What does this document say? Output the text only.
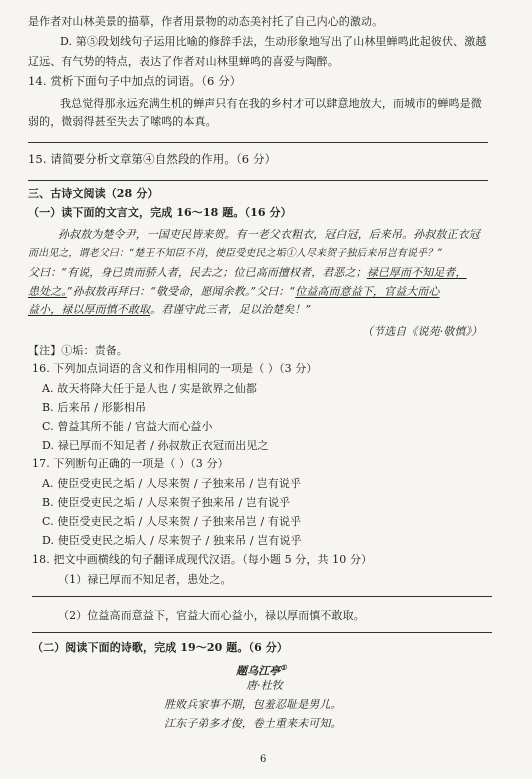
是作者对山林美景的描摹，作者用景物的动态美衬托了自己内心的激动。
D. 第⑤段划线句子运用比喻的修辞手法，生动形象地写出了山林里蝉鸣此起彼伏、激越
辽远、有气势的特点，表达了作者对山林里蝉鸣的喜爱与陶醉。
14. 赏析下面句子中加点的词语。（6 分）
我总觉得那永远充满生机的蝉声只有在我的乡村才可以肆意地放大，而城市的蝉鸣是微
弱的，微弱得甚至失去了嗦鸣的本真。
15. 请简要分析文章第④自然段的作用。（6 分）
三、古诗文阅读（28 分）
（一）读下面的文言文，完成 16～18 题。（16 分）
孙叔敖为楚令尹，一国吏民皆来贺。有一老父衣粗衣，冠白冠，后来吊。孙叔敖正衣冠
而出见之，谓老父曰：“楚王不知臣不肖，使臣受吏民之垢①人尽来贺子独后来吊岂有说乎？”
父曰：“有说，身已贵而骄人者，民去之；位已高而擅权者，君恶之；禄已厚而不知足者，
患处之。”孙叔敖再拜曰：“敬受命，愿闻余教。”父曰：“位益高而意益下，官益大而心
益小，禄以厚而慎不敢取。君谨守此三者，足以治楚矣！”
（节选自《说苑·敬慎》）
【注】①垢：责备。
16. 下列加点词语的含义和作用相同的一项是（ ）（3 分）
A. 故天将降大任于是人也 / 实是欲界之仙都
B. 后来吊 / 形影相吊
C. 曾益其所不能 / 官益大而心益小
D. 禄已厚而不知足者 / 孙叔敖正衣冠而出见之
17. 下列断句正确的一项是（ ）（3 分）
A. 使臣受吏民之垢 / 人尽来贺 / 子独来吊 / 岂有说乎
B. 使臣受吏民之垢 / 人尽来贺子独来吊 / 岂有说乎
C. 使臣受吏民之垢 / 人尽来贺 / 子独来吊岂 / 有说乎
D. 使臣受吏民之垢人 / 尽来贺子 / 独来吊 / 岂有说乎
18. 把文中画横线的句子翻译成现代汉语。（每小题 5 分，共 10 分）
（1）禄已厚而不知足者，患处之。
（2）位益高而意益下，官益大而心益小，禄以厚而慎不敢取。
（二）阅读下面的诗歌，完成 19～20 题。（6 分）
题乌江亭①
唐·杜牧
胜败兵家事不期，包羞忍耻是男儿。
江东子弟多才俊，卷土重来未可知。
6
